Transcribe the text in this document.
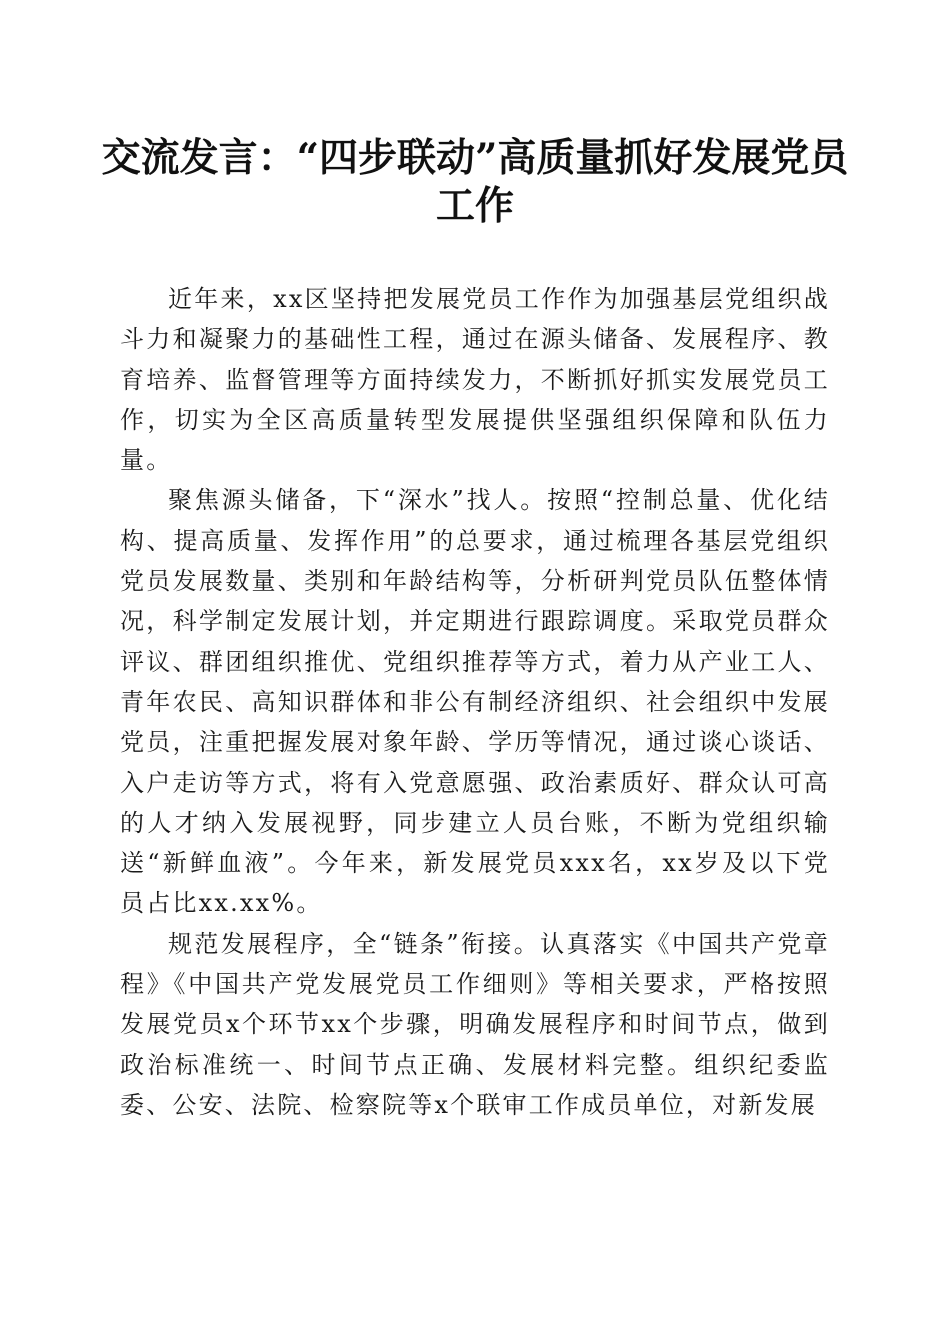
交流发言：“四步联动”高质量抓好发展党员
工作

近年来，xx区坚持把发展党员工作作为加强基层党组织战斗力和凝聚力的基础性工程，通过在源头储备、发展程序、教育培养、监督管理等方面持续发力，不断抓好抓实发展党员工作，切实为全区高质量转型发展提供坚强组织保障和队伍力量。

聚焦源头储备，下“深水”找人。按照“控制总量、优化结构、提高质量、发挥作用”的总要求，通过梳理各基层党组织党员发展数量、类别和年龄结构等，分析研判党员队伍整体情况，科学制定发展计划，并定期进行跟踪调度。采取党员群众评议、群团组织推优、党组织推荐等方式，着力从产业工人、青年农民、高知识群体和非公有制经济组织、社会组织中发展党员，注重把握发展对象年龄、学历等情况，通过谈心谈话、入户走访等方式，将有入党意愿强、政治素质好、群众认可高的人才纳入发展视野，同步建立人员台账，不断为党组织输送“新鲜血液”。今年来，新发展党员xxx名，xx岁及以下党员占比xx.xx%。

规范发展程序，全“链条”衔接。认真落实《中国共产党章程》《中国共产党发展党员工作细则》等相关要求，严格按照发展党员x个环节xx个步骤，明确发展程序和时间节点，做到政治标准统一、时间节点正确、发展材料完整。组织纪委监委、公安、法院、检察院等x个联审工作成员单位，对新发展
